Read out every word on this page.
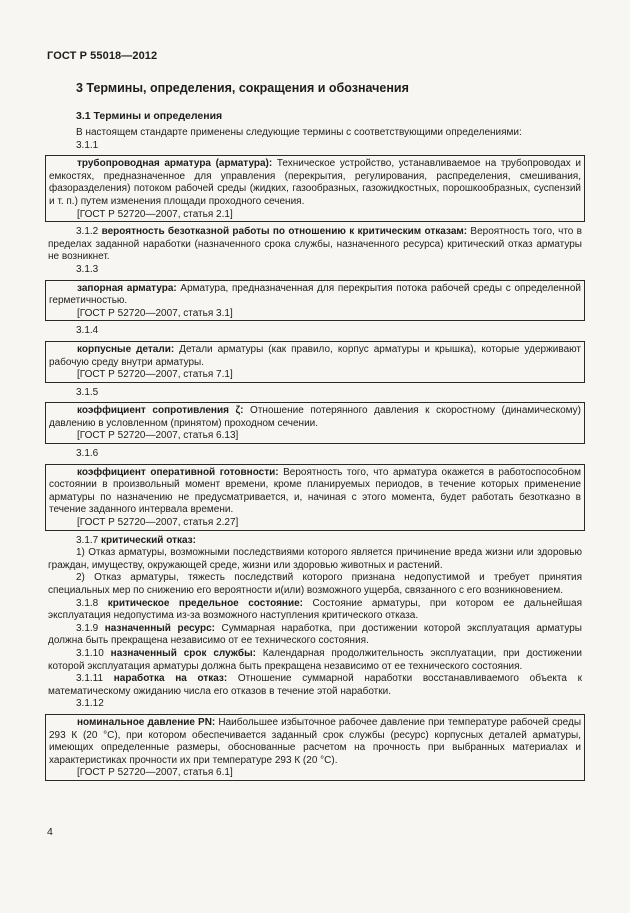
ГОСТ Р 55018—2012
3 Термины, определения, сокращения и обозначения
3.1 Термины и определения

В настоящем стандарте применены следующие термины с соответствующими определениями:

3.1.1

трубопроводная арматура (арматура): Техническое устройство, устанавливаемое на трубопроводах и емкостях, предназначенное для управления (перекрытия, регулирования, распределения, смешивания, фазоразделения) потоком рабочей среды (жидких, газообразных, газожидкостных, порошкообразных, суспензий и т. п.) путем изменения площади проходного сечения.

[ГОСТ Р 52720—2007, статья 2.1]

3.1.2 вероятность безотказной работы по отношению к критическим отказам: Вероятность того, что в пределах заданной наработки (назначенного срока службы, назначенного ресурса) критический отказ арматуры не возникнет.

3.1.3

запорная арматура: Арматура, предназначенная для перекрытия потока рабочей среды с определенной герметичностью.

[ГОСТ Р 52720—2007, статья 3.1]

3.1.4

корпусные детали: Детали арматуры (как правило, корпус арматуры и крышка), которые удерживают рабочую среду внутри арматуры.

[ГОСТ Р 52720—2007, статья 7.1]

3.1.5

коэффициент сопротивления ζ: Отношение потерянного давления к скоростному (динамическому) давлению в условленном (принятом) проходном сечении.

[ГОСТ Р 52720—2007, статья 6.13]

3.1.6

коэффициент оперативной готовности: Вероятность того, что арматура окажется в работоспособном состоянии в произвольный момент времени, кроме планируемых периодов, в течение которых применение арматуры по назначению не предусматривается, и, начиная с этого момента, будет работать безотказно в течение заданного интервала времени.

[ГОСТ Р 52720—2007, статья 2.27]

3.1.7 критический отказ:

1) Отказ арматуры, возможными последствиями которого является причинение вреда жизни или здоровью граждан, имуществу, окружающей среде, жизни или здоровью животных и растений.

2) Отказ арматуры, тяжесть последствий которого признана недопустимой и требует принятия специальных мер по снижению его вероятности и(или) возможного ущерба, связанного с его возникновением.

3.1.8 критическое предельное состояние: Состояние арматуры, при котором ее дальнейшая эксплуатация недопустима из-за возможного наступления критического отказа.

3.1.9 назначенный ресурс: Суммарная наработка, при достижении которой эксплуатация арматуры должна быть прекращена независимо от ее технического состояния.

3.1.10 назначенный срок службы: Календарная продолжительность эксплуатации, при достижении которой эксплуатация арматуры должна быть прекращена независимо от ее технического состояния.

3.1.11 наработка на отказ: Отношение суммарной наработки восстанавливаемого объекта к математическому ожиданию числа его отказов в течение этой наработки.

3.1.12

номинальное давление PN: Наибольшее избыточное рабочее давление при температуре рабочей среды 293 К (20 °С), при котором обеспечивается заданный срок службы (ресурс) корпусных деталей арматуры, имеющих определенные размеры, обоснованные расчетом на прочность при выбранных материалах и характеристиках прочности их при температуре 293 К (20 °С).

[ГОСТ Р 52720—2007, статья 6.1]

4
